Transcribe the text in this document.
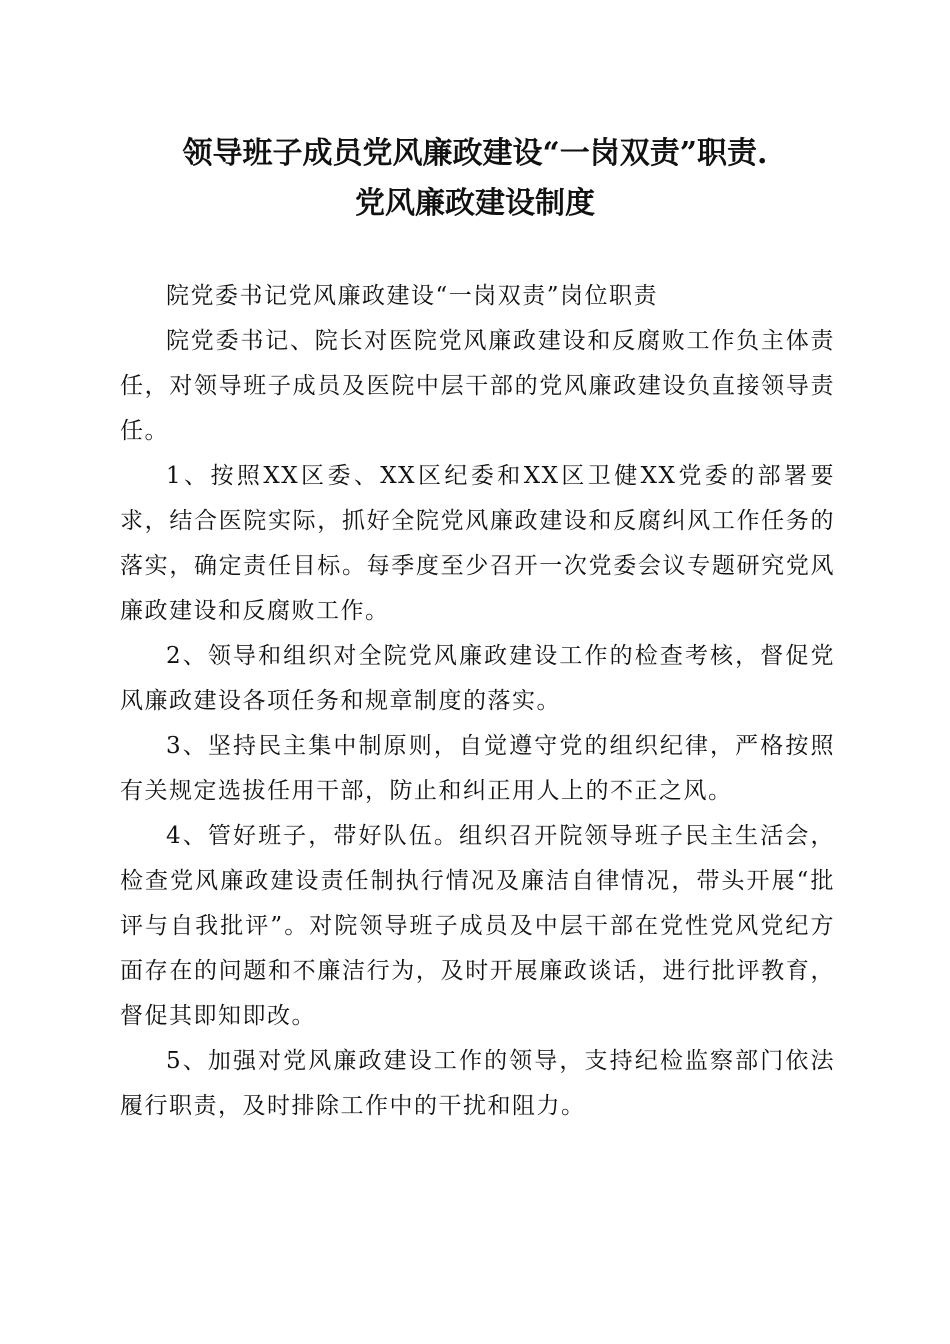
领导班子成员党风廉政建设“一岗双责”职责.
党风廉政建设制度

院党委书记党风廉政建设“一岗双责”岗位职责

院党委书记、院长对医院党风廉政建设和反腐败工作负主体责任，对领导班子成员及医院中层干部的党风廉政建设负直接领导责任。

1、按照XX区委、XX区纪委和XX区卫健XX党委的部署要求，结合医院实际，抓好全院党风廉政建设和反腐纠风工作任务的落实，确定责任目标。每季度至少召开一次党委会议专题研究党风廉政建设和反腐败工作。

2、领导和组织对全院党风廉政建设工作的检查考核，督促党风廉政建设各项任务和规章制度的落实。

3、坚持民主集中制原则，自觉遵守党的组织纪律，严格按照有关规定选拔任用干部，防止和纠正用人上的不正之风。

4、管好班子，带好队伍。组织召开院领导班子民主生活会，检查党风廉政建设责任制执行情况及廉洁自律情况，带头开展“批评与自我批评”。对院领导班子成员及中层干部在党性党风党纪方面存在的问题和不廉洁行为，及时开展廉政谈话，进行批评教育，督促其即知即改。

5、加强对党风廉政建设工作的领导，支持纪检监察部门依法履行职责，及时排除工作中的干扰和阻力。
